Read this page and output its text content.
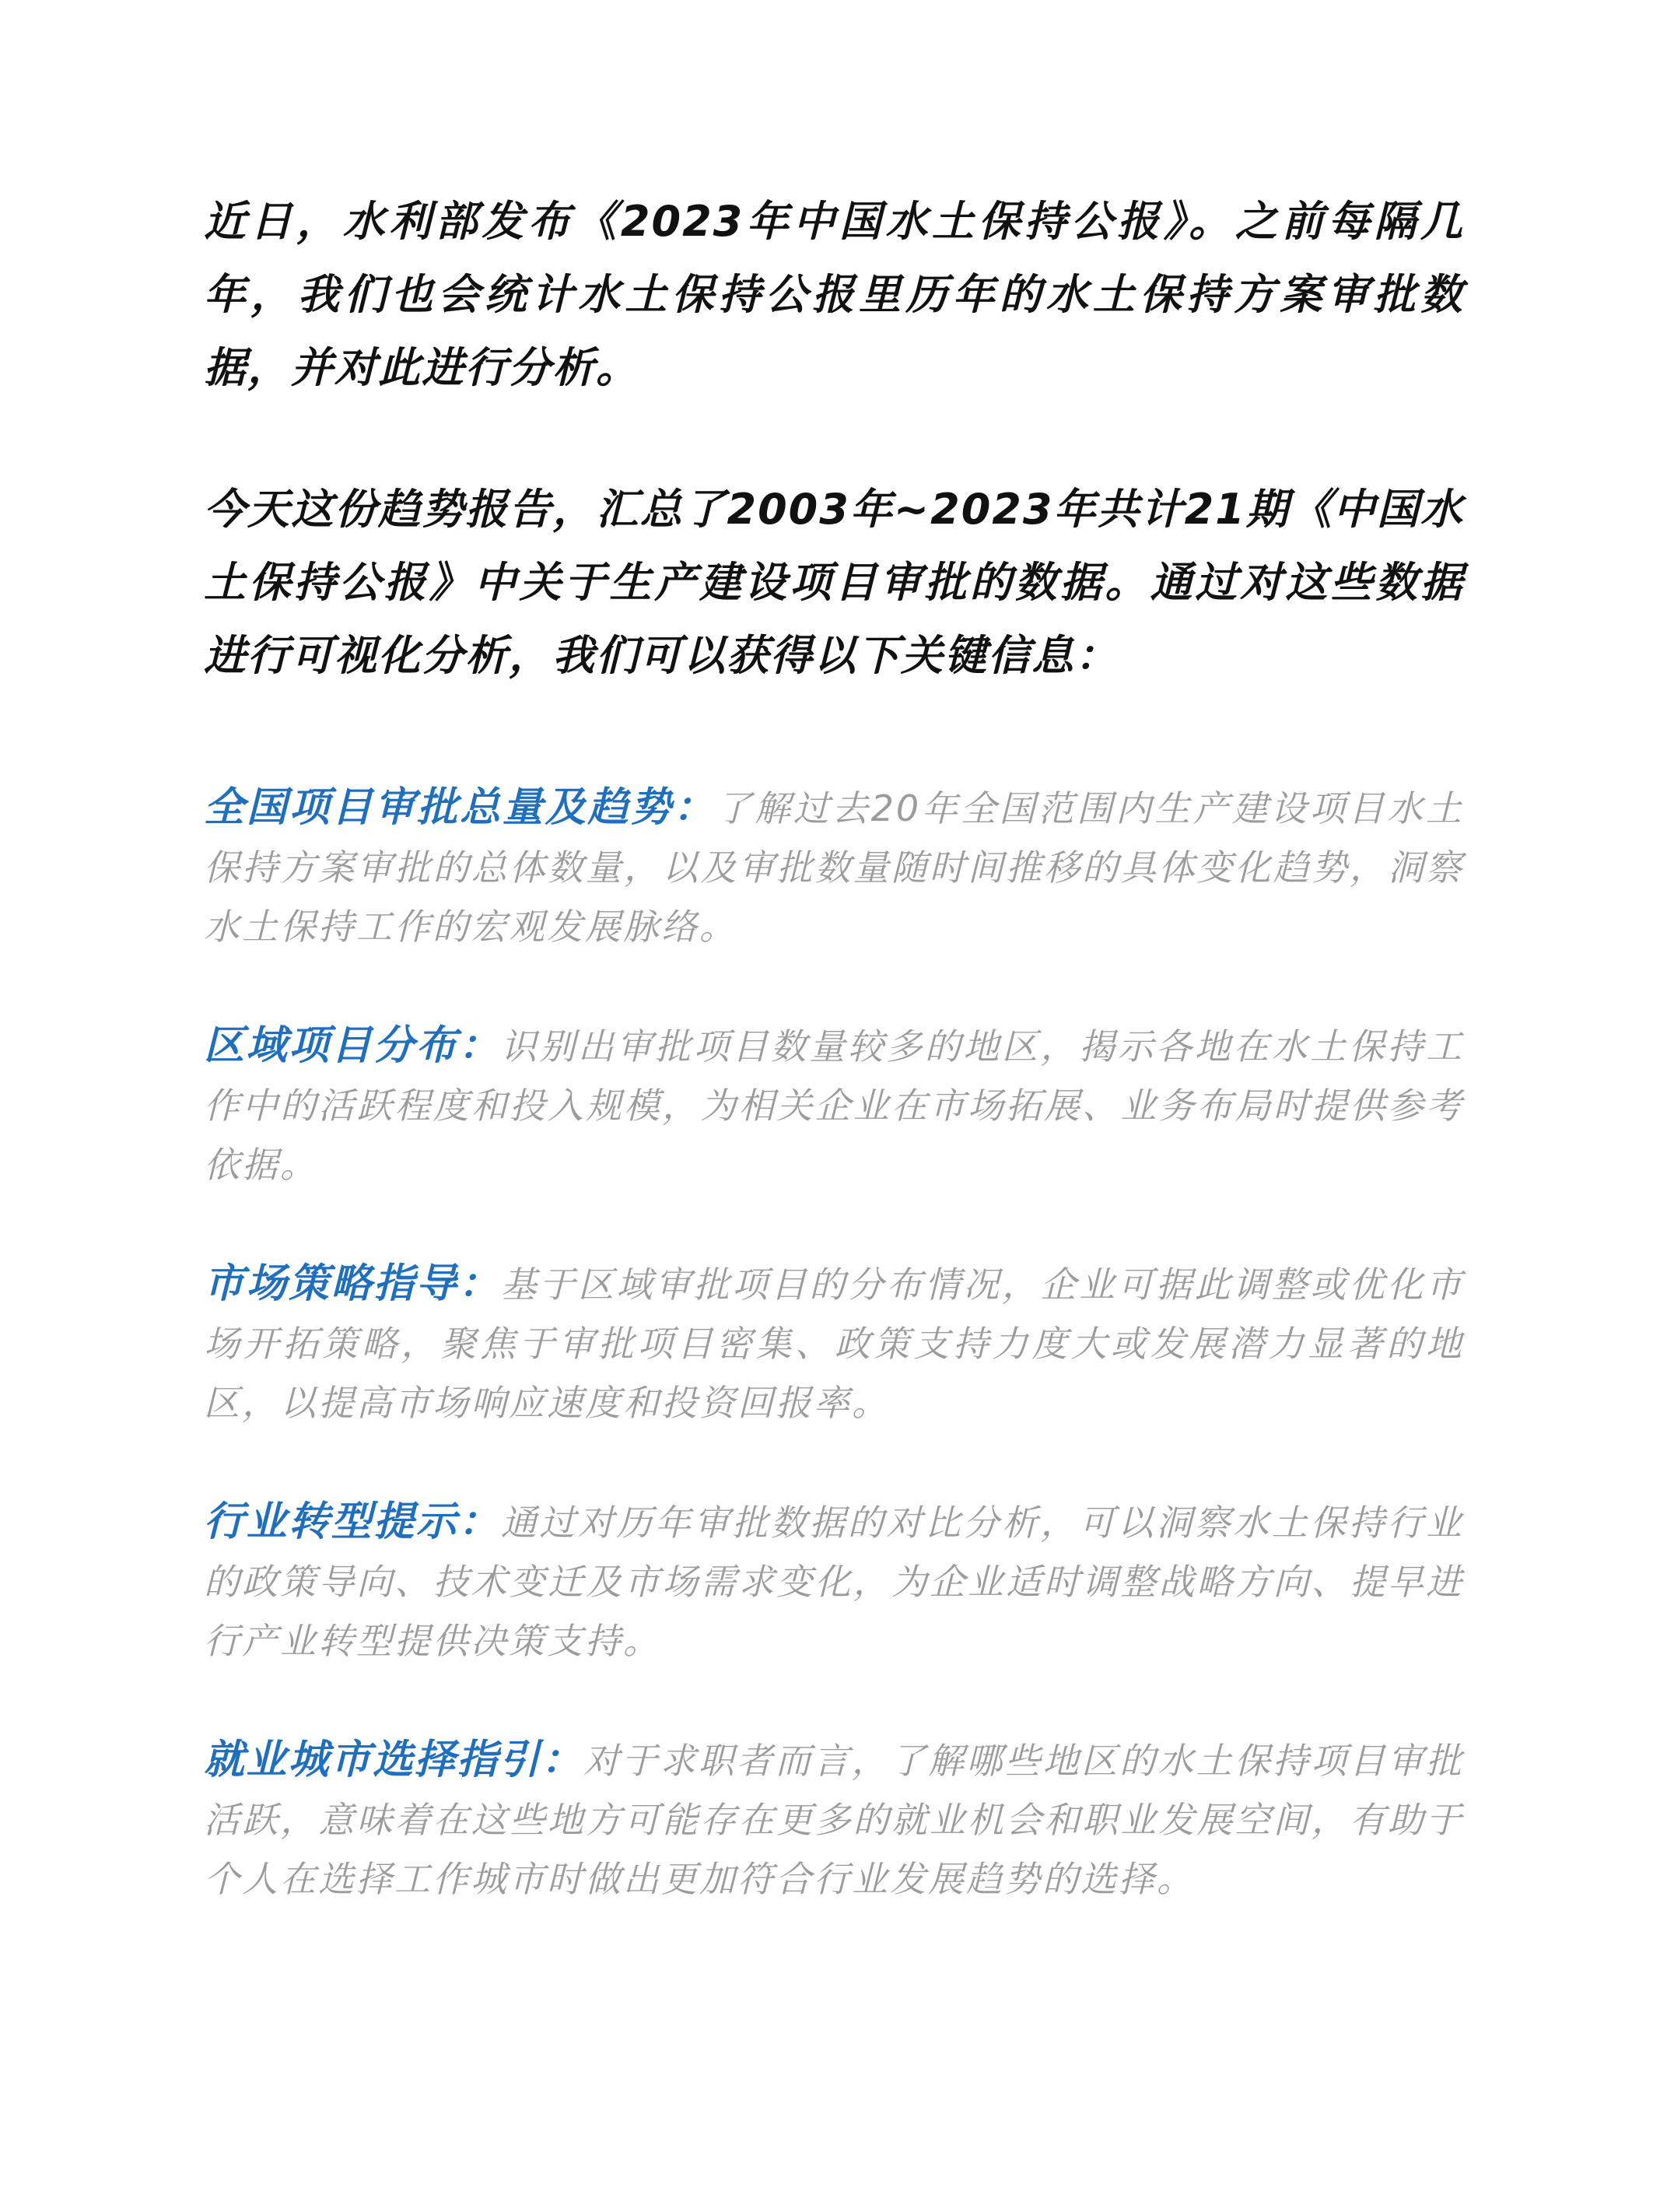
近日，水利部发布《2023年中国水土保持公报》。之前每隔几年，我们也会统计水土保持公报里历年的水土保持方案审批数据，并对此进行分析。

今天这份趋势报告，汇总了2003年~2023年共计21期《中国水土保持公报》中关于生产建设项目审批的数据。通过对这些数据进行可视化分析，我们可以获得以下关键信息：

全国项目审批总量及趋势：了解过去20年全国范围内生产建设项目水土保持方案审批的总体数量，以及审批数量随时间推移的具体变化趋势，洞察水土保持工作的宏观发展脉络。

区域项目分布：识别出审批项目数量较多的地区，揭示各地在水土保持工作中的活跃程度和投入规模，为相关企业在市场拓展、业务布局时提供参考依据。

市场策略指导：基于区域审批项目的分布情况，企业可据此调整或优化市场开拓策略，聚焦于审批项目密集、政策支持力度大或发展潜力显著的地区，以提高市场响应速度和投资回报率。

行业转型提示：通过对历年审批数据的对比分析，可以洞察水土保持行业的政策导向、技术变迁及市场需求变化，为企业适时调整战略方向、提早进行产业转型提供决策支持。

就业城市选择指引：对于求职者而言，了解哪些地区的水土保持项目审批活跃，意味着在这些地方可能存在更多的就业机会和职业发展空间，有助于个人在选择工作城市时做出更加符合行业发展趋势的选择。
